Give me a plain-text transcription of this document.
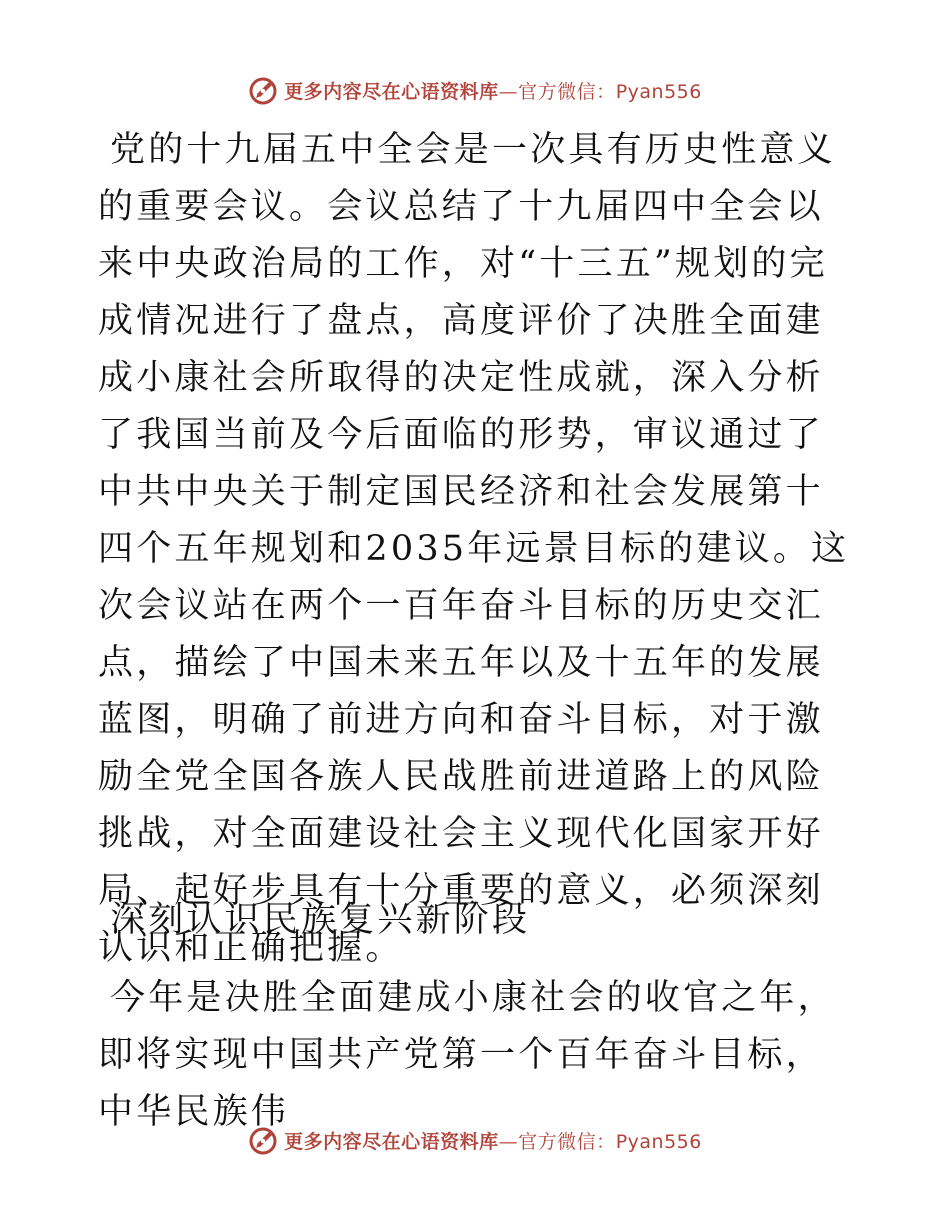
更多内容尽在心语资料库—官方微信：Pyan556

党的十九届五中全会是一次具有历史性意义的重要会议。会议总结了十九届四中全会以来中央政治局的工作，对“十三五”规划的完成情况进行了盘点，高度评价了决胜全面建成小康社会所取得的决定性成就，深入分析了我国当前及今后面临的形势，审议通过了中共中央关于制定国民经济和社会发展第十四个五年规划和2035年远景目标的建议。这次会议站在两个一百年奋斗目标的历史交汇点，描绘了中国未来五年以及十五年的发展蓝图，明确了前进方向和奋斗目标，对于激励全党全国各族人民战胜前进道路上的风险挑战，对全面建设社会主义现代化国家开好局、起好步具有十分重要的意义，必须深刻认识和正确把握。

深刻认识民族复兴新阶段

今年是决胜全面建成小康社会的收官之年，即将实现中国共产党第一个百年奋斗目标，中华民族伟

更多内容尽在心语资料库—官方微信：Pyan556
